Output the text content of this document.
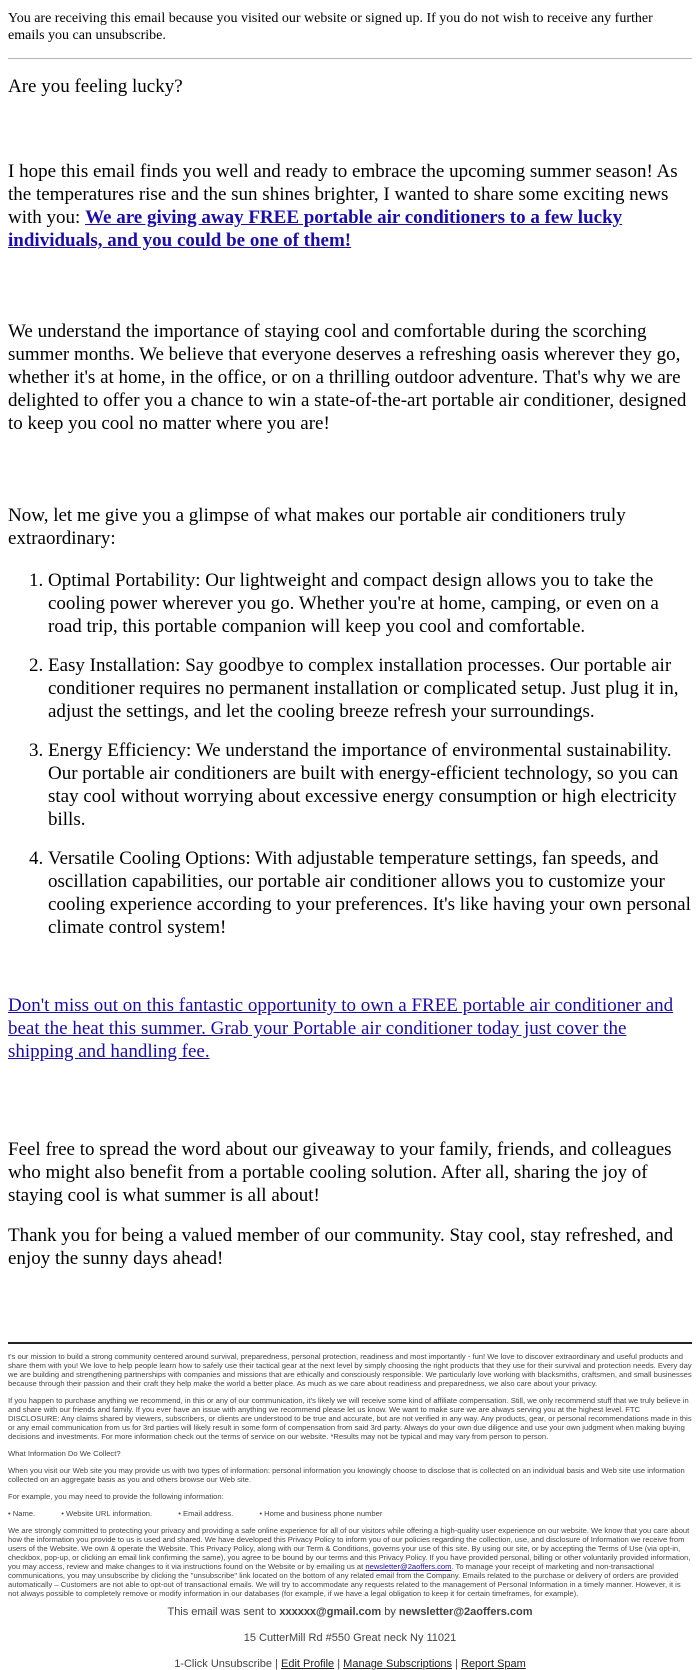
You are receiving this email because you visited our website or signed up. If you do not wish to receive any further emails you can unsubscribe.

Are you feeling lucky?

I hope this email finds you well and ready to embrace the upcoming summer season! As the temperatures rise and the sun shines brighter, I wanted to share some exciting news with you: We are giving away FREE portable air conditioners to a few lucky individuals, and you could be one of them!

We understand the importance of staying cool and comfortable during the scorching summer months. We believe that everyone deserves a refreshing oasis wherever they go, whether it's at home, in the office, or on a thrilling outdoor adventure. That's why we are delighted to offer you a chance to win a state-of-the-art portable air conditioner, designed to keep you cool no matter where you are!

Now, let me give you a glimpse of what makes our portable air conditioners truly extraordinary:

1. Optimal Portability: Our lightweight and compact design allows you to take the cooling power wherever you go. Whether you're at home, camping, or even on a road trip, this portable companion will keep you cool and comfortable.
2. Easy Installation: Say goodbye to complex installation processes. Our portable air conditioner requires no permanent installation or complicated setup. Just plug it in, adjust the settings, and let the cooling breeze refresh your surroundings.
3. Energy Efficiency: We understand the importance of environmental sustainability. Our portable air conditioners are built with energy-efficient technology, so you can stay cool without worrying about excessive energy consumption or high electricity bills.
4. Versatile Cooling Options: With adjustable temperature settings, fan speeds, and oscillation capabilities, our portable air conditioner allows you to customize your cooling experience according to your preferences. It's like having your own personal climate control system!

Don't miss out on this fantastic opportunity to own a FREE portable air conditioner and beat the heat this summer. Grab your Portable air conditioner today just cover the shipping and handling fee.

Feel free to spread the word about our giveaway to your family, friends, and colleagues who might also benefit from a portable cooling solution. After all, sharing the joy of staying cool is what summer is all about!

Thank you for being a valued member of our community. Stay cool, stay refreshed, and enjoy the sunny days ahead!

t's our mission to build a strong community centered around survival, preparedness, personal protection, readiness and most importantly - fun! We love to discover extraordinary and useful products and share them with you! We love to help people learn how to safely use their tactical gear at the next level by simply choosing the right products that they use for their survival and protection needs. Every day we are building and strengthening partnerships with companies and missions that are ethically and consciously responsible. We particularly love working with blacksmiths, craftsmen, and small businesses because through their passion and their craft they help make the world a better place. As much as we care about readiness and preparedness, we also care about your privacy.

If you happen to purchase anything we recommend, in this or any of our communication, it's likely we will receive some kind of affiliate compensation. Still, we only recommend stuff that we truly believe in and share with our friends and family. If you ever have an issue with anything we recommend please let us know. We want to make sure we are always serving you at the highest level. FTC DISCLOSURE: Any claims shared by viewers, subscribers, or clients are understood to be true and accurate, but are not verified in any way. Any products, gear, or personal recommendations made in this or any email communication from us for 3rd parties will likely result in some form of compensation from said 3rd party. Always do your own due diligence and use your own judgment when making buying decisions and investments. For more information check out the terms of service on our website. *Results may not be typical and may vary from person to person.

What Information Do We Collect?

When you visit our Web site you may provide us with two types of information: personal information you knowingly choose to disclose that is collected on an individual basis and Web site use information collected on an aggregate basis as you and others browse our Web site.

For example, you may need to provide the following information:

• Name.	• Website URL information.	• Email address.	• Home and business phone number

We are strongly committed to protecting your privacy and providing a safe online experience for all of our visitors while offering a high-quality user experience on our website. We know that you care about how the information you provide to us is used and shared. We have developed this Privacy Policy to inform you of our policies regarding the collection, use, and disclosure of Information we receive from users of the Website. We own & operate the Website. This Privacy Policy, along with our Term & Conditions, governs your use of this site. By using our site, or by accepting the Terms of Use (via opt-in, checkbox, pop-up, or clicking an email link confirming the same), you agree to be bound by our terms and this Privacy Policy. If you have provided personal, billing or other voluntarily provided information, you may access, review and make changes to it via instructions found on the Website or by emailing us at newsletter@2aoffers.com. To manage your receipt of marketing and non-transactional communications, you may unsubscribe by clicking the "unsubscribe" link located on the bottom of any related email from the Company. Emails related to the purchase or delivery of orders are provided automatically – Customers are not able to opt-out of transactional emails. We will try to accommodate any requests related to the management of Personal Information in a timely manner. However, it is not always possible to completely remove or modify information in our databases (for example, if we have a legal obligation to keep it for certain timeframes, for example).

This email was sent to xxxxxx@gmail.com by newsletter@2aoffers.com
15 CutterMill Rd #550 Great neck Ny 11021
1-Click Unsubscribe | Edit Profile | Manage Subscriptions | Report Spam
